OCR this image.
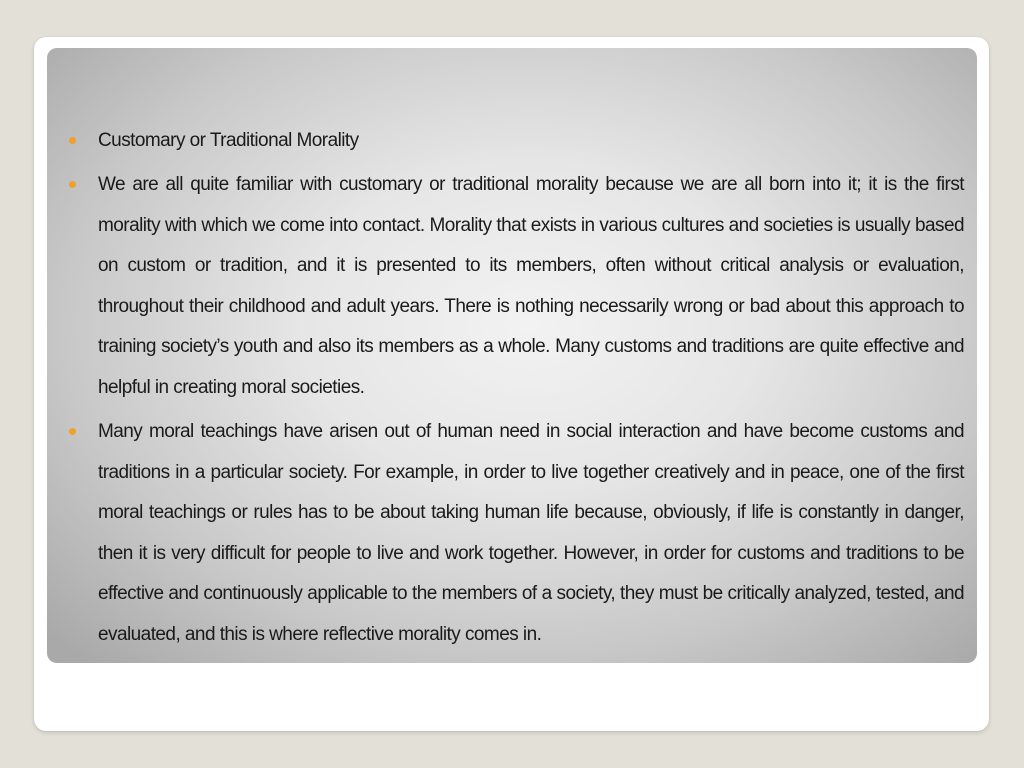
Customary or Traditional Morality
We are all quite familiar with customary or traditional morality because we are all born into it; it is the first morality with which we come into contact. Morality that exists in various cultures and societies is usually based on custom or tradition, and it is presented to its members, often without critical analysis or evaluation, throughout their childhood and adult years. There is nothing necessarily wrong or bad about this approach to training society’s youth and also its members as a whole. Many customs and traditions are quite effective and helpful in creating moral societies.
Many moral teachings have arisen out of human need in social interaction and have become customs and traditions in a particular society. For example, in order to live together creatively and in peace, one of the first moral teachings or rules has to be about taking human life because, obviously, if life is constantly in danger, then it is very difficult for people to live and work together. However, in order for customs and traditions to be effective and continuously applicable to the members of a society, they must be critically analyzed, tested, and evaluated, and this is where reflective morality comes in.
